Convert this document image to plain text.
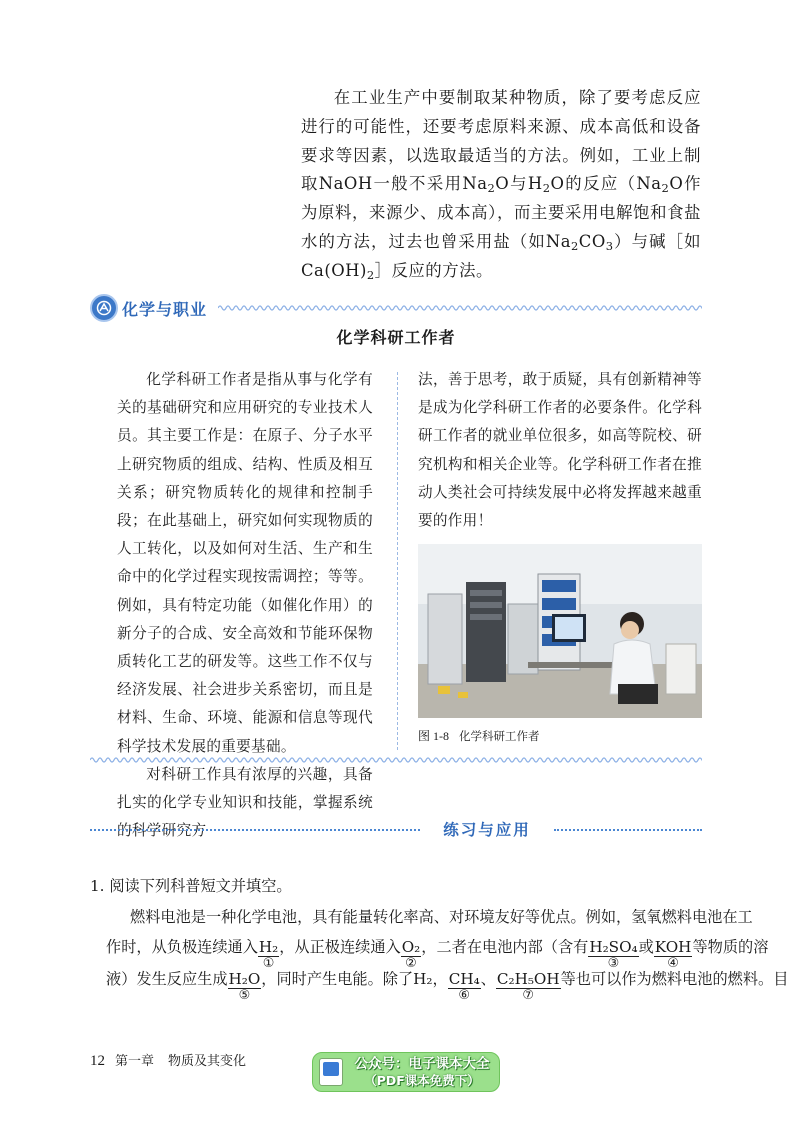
在工业生产中要制取某种物质，除了要考虑反应进行的可能性，还要考虑原料来源、成本高低和设备要求等因素，以选取最适当的方法。例如，工业上制取NaOH一般不采用$Na_2O$与$H_2O$的反应（$Na_2O$作为原料，来源少、成本高），而主要采用电解饱和食盐水的方法，过去也曾采用盐（如$Na_2CO_3$）与碱［如$Ca(OH)_2]$反应的方法。

化学与职业
化学科研工作者

化学科研工作者是指从事与化学有关的基础研究和应用研究的专业技术人员。其主要工作是：在原子、分子水平上研究物质的组成、结构、性质及相互关系；研究物质转化的规律和控制手段；在此基础上，研究如何实现物质的人工转化，以及如何对生活、生产和生命中的化学过程实现按需调控；等等。例如，具有特定功能（如催化作用）的新分子的合成、安全高效和节能环保物质转化工艺的研发等。这些工作不仅与经济发展、社会进步关系密切，而且是材料、生命、环境、能源和信息等现代科学技术发展的重要基础。

对科研工作具有浓厚的兴趣，具备扎实的化学专业知识和技能，掌握系统的科学研究方

法，善于思考，敢于质疑，具有创新精神等是成为化学科研工作者的必要条件。化学科研工作者的就业单位很多，如高等院校、研究机构和相关企业等。化学科研工作者在推动人类社会可持续发展中必将发挥越来越重要的作用！

图 1-8 化学科研工作者
练习与应用
1. 阅读下列科普短文并填空。
燃料电池是一种化学电池，具有能量转化率高、对环境友好等优点。例如，氢氧燃料电池在工
作时，从负极连续通入H₂
①
，从正极连续通入O₂
②
，二者在电池内部（含有H₂SO₄
③
或KOH
④
等物质的溶
液）发生反应生成H₂O
⑤
，同时产生电能。除了H₂，CH₄
⑥
、C₂H₅OH
⑦
等也可以作为燃料电池的燃料。目
12 第一章 物质及其变化	公众号：电子课本大全
（PDF课本免费下）
